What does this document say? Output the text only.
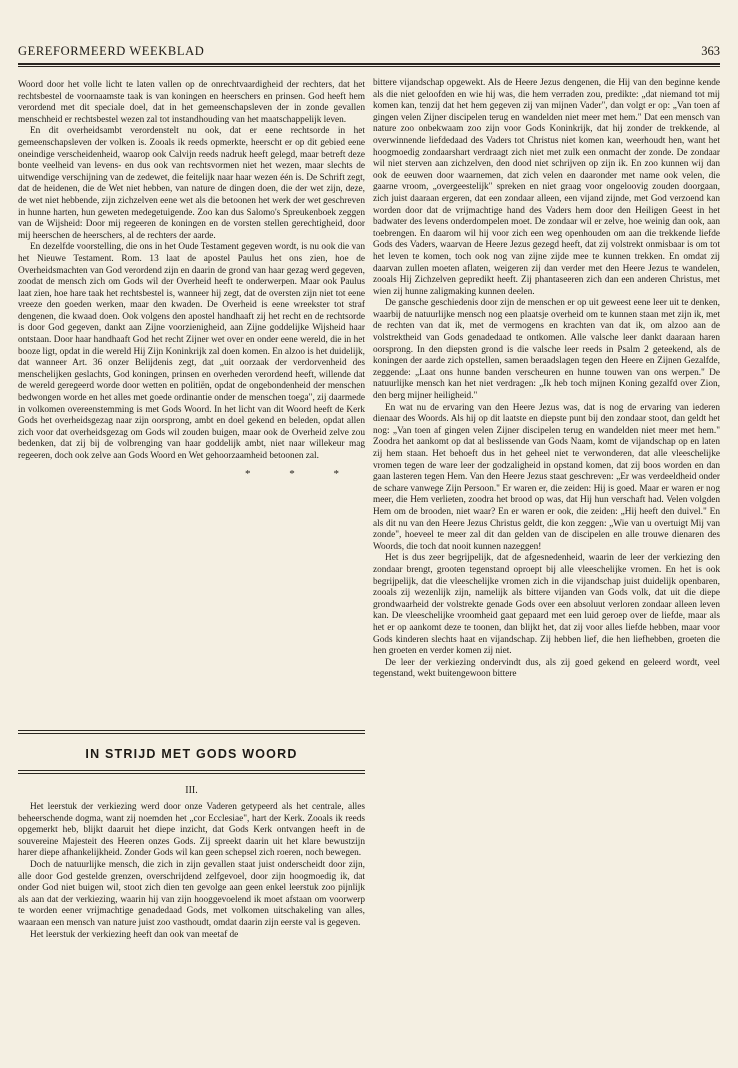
GEREFORMEERD WEEKBLAD	363

Woord door het volle licht te laten vallen op de onrechtvaardigheid der rechters, dat het rechtsbestel de voornaamste taak is van koningen en heerschers en prinsen. God heeft hem verordend met dit speciale doel, dat in het gemeenschapsleven der in zonde gevallen menschheid er rechtsbestel wezen zal tot instandhouding van het maatschappelijk leven.

En dit overheidsambt verordenstelt nu ook, dat er eene rechtsorde in het gemeenschapsleven der volken is. Zooals ik reeds opmerkte, heerscht er op dit gebied eene oneindige verscheidenheid, waarop ook Calvijn reeds nadruk heeft gelegd, maar betreft deze bonte veelheid van levens- en dus ook van rechtsvormen niet het wezen, maar slechts de uitwendige verschijning van de zedewet, die feitelijk naar haar wezen één is. De Schrift zegt, dat de heidenen, die de Wet niet hebben, van nature de dingen doen, die der wet zijn, deze, de wet niet hebbende, zijn zichzelven eene wet als die betoonen het werk der wet geschreven in hunne harten, hun geweten medegetuigende. Zoo kan dus Salomo's Spreukenboek zeggen van de Wijsheid: Door mij regeeren de koningen en de vorsten stellen gerechtigheid, door mij heerschen de heerschers, al de rechters der aarde.

En dezelfde voorstelling, die ons in het Oude Testament gegeven wordt, is nu ook die van het Nieuwe Testament. Rom. 13 laat de apostel Paulus het ons zien, hoe de Overheidsmachten van God verordend zijn en daarin de grond van haar gezag werd gegeven, zoodat de mensch zich om Gods wil der Overheid heeft te onderwerpen. Maar ook Paulus laat zien, hoe hare taak het rechtsbestel is, wanneer hij zegt, dat de oversten zijn niet tot eene vreeze den goeden werken, maar den kwaden. De Overheid is eene wreekster tot straf dengenen, die kwaad doen. Ook volgens den apostel handhaaft zij het recht en de rechtsorde is door God gegeven, dankt aan Zijne voorzienigheid, aan Zijne goddelijke Wijsheid haar ontstaan. Door haar handhaaft God het recht Zijner wet over en onder eene wereld, die in het booze ligt, opdat in die wereld Hij Zijn Koninkrijk zal doen komen. En alzoo is het duidelijk, dat wanneer Art. 36 onzer Belijdenis zegt, dat „uit oorzaak der verdorvenheid des menschelijken geslachts, God koningen, prinsen en overheden verordend heeft, willende dat de wereld geregeerd worde door wetten en politiën, opdat de ongebondenheid der menschen bedwongen worde en het alles met goede ordinantie onder de menschen toega", zij daarmede in volkomen overeenstemming is met Gods Woord. In het licht van dit Woord heeft de Kerk Gods het overheidsgezag naar zijn oorsprong, ambt en doel gekend en beleden, opdat allen zich voor dat overheidsgezag om Gods wil zouden buigen, maar ook de Overheid zelve zou bedenken, dat zij bij de volbrenging van haar goddelijk ambt, niet naar willekeur mag regeeren, doch ook zelve aan Gods Woord en Wet gehoorzaamheid betoonen zal.

* * *
IN STRIJD MET GODS WOORD
III.

Het leerstuk der verkiezing werd door onze Vaderen getypeerd als het centrale, alles beheerschende dogma, want zij noemden het „cor Ecclesiae", hart der Kerk. Zooals ik reeds opgemerkt heb, blijkt daaruit het diepe inzicht, dat Gods Kerk ontvangen heeft in de souvereine Majesteit des Heeren onzes Gods. Zij spreekt daarin uit het klare bewustzijn harer diepe afhankelijkheid. Zonder Gods wil kan geen schepsel zich roeren, noch bewegen.

Doch de natuurlijke mensch, die zich in zijn gevallen staat juist onderscheidt door zijn, alle door God gestelde grenzen, overschrijdend zelfgevoel, door zijn hoogmoedig ik, dat onder God niet buigen wil, stoot zich dien ten gevolge aan geen enkel leerstuk zoo pijnlijk als aan dat der verkiezing, waarin hij van zijn hooggevoelend ik moet afstaan om voorwerp te worden eener vrijmachtige genadedaad Gods, met volkomen uitschakeling van alles, waaraan een mensch van nature juist zoo vasthoudt, omdat daarin zijn eerste val is gegeven.

Het leerstuk der verkiezing heeft dan ook van meetaf de

bittere vijandschap opgewekt. Als de Heere Jezus dengenen, die Hij van den beginne kende als die niet geloofden en wie hij was, die hem verraden zou, predikte: „dat niemand tot mij komen kan, tenzij dat het hem gegeven zij van mijnen Vader", dan volgt er op: „Van toen af gingen velen Zijner discipelen terug en wandelden niet meer met hem." Dat een mensch van nature zoo onbekwaam zoo zijn voor Gods Koninkrijk, dat hij zonder de trekkende, al overwinnende liefdedaad des Vaders tot Christus niet komen kan, weerhoudt hen, want het hoogmoedig zondaarshart verdraagt zich niet met zulk een onmacht der zonde. De zondaar wil niet sterven aan zichzelven, den dood niet schrijven op zijn ik. En zoo kunnen wij dan ook de eeuwen door waarnemen, dat zich velen en daaronder met name ook velen, die gaarne vroom, „overgeestelijk" spreken en niet graag voor ongeloovig zouden doorgaan, zich juist daaraan ergeren, dat een zondaar alleen, een vijand zijnde, met God verzoend kan worden door dat de vrijmachtige hand des Vaders hem door den Heiligen Geest in het badwater des levens onderdompelen moet. De zondaar wil er zelve, hoe weinig dan ook, aan toebrengen. En daarom wil hij voor zich een weg openhouden om aan die trekkende liefde Gods des Vaders, waarvan de Heere Jezus gezegd heeft, dat zij volstrekt onmisbaar is om tot het leven te komen, toch ook nog van zijne zijde mee te kunnen trekken. En omdat zij daarvan zullen moeten aflaten, weigeren zij dan verder met den Heere Jezus te wandelen, zooals Hij Zichzelven gepredikt heeft. Zij phantaseeren zich dan een anderen Christus, met wien zij hunne zaligmaking kunnen deelen.

De gansche geschiedenis door zijn de menschen er op uit geweest eene leer uit te denken, waarbij de natuurlijke mensch nog een plaatsje overheid om te kunnen staan met zijn ik, met de rechten van dat ik, met de vermogens en krachten van dat ik, om alzoo aan de volstrektheid van Gods genadedaad te ontkomen. Alle valsche leer dankt daaraan haren oorsprong. In den diepsten grond is die valsche leer reeds in Psalm 2 geteekend, als de koningen der aarde zich opstellen, samen beraadslagen tegen den Heere en Zijnen Gezalfde, zeggende: „Laat ons hunne banden verscheuren en hunne touwen van ons werpen." De natuurlijke mensch kan het niet verdragen: „Ik heb toch mijnen Koning gezalfd over Zion, den berg mijner heiligheid."

En wat nu de ervaring van den Heere Jezus was, dat is nog de ervaring van iederen dienaar des Woords. Als hij op dit laatste en diepste punt bij den zondaar stoot, dan geldt het nog: „Van toen af gingen velen Zijner discipelen terug en wandelden niet meer met hem." Zoodra het aankomt op dat al beslissende van Gods Naam, komt de vijandschap op en laten zij hem staan. Het behoeft dus in het geheel niet te verwonderen, dat alle vleeschelijke vromen tegen de ware leer der godzaligheid in opstand komen, dat zij boos worden en dan gaan lasteren tegen Hem. Van den Heere Jezus staat geschreven: „Er was verdeeldheid onder de schare vanwege Zijn Persoon." Er waren er, die zeiden: Hij is goed. Maar er waren er nog meer, die Hem verlieten, zoodra het brood op was, dat Hij hun verschaft had. Velen volgden Hem om de brooden, niet waar? En er waren er ook, die zeiden: „Hij heeft den duivel." En als dit nu van den Heere Jezus Christus geldt, die kon zeggen: „Wie van u overtuigt Mij van zonde", hoeveel te meer zal dit dan gelden van de discipelen en alle trouwe dienaren des Woords, die toch dat nooit kunnen nazeggen!

Het is dus zeer begrijpelijk, dat de afgesnedenheid, waarin de leer der verkiezing den zondaar brengt, grooten tegenstand oproept bij alle vleeschelijke vromen. En het is ook begrijpelijk, dat die vleeschelijke vromen zich in die vijandschap juist duidelijk openbaren, zooals zij wezenlijk zijn, namelijk als bittere vijanden van Gods volk, dat uit die diepe grondwaarheid der volstrekte genade Gods over een absoluut verloren zondaar alleen leven kan. De vleeschelijke vroomheid gaat gepaard met een luid geroep over de liefde, maar als het er op aankomt deze te toonen, dan blijkt het, dat zij voor alles liefde hebben, maar voor Gods kinderen slechts haat en vijandschap. Zij hebben lief, die hen liefhebben, groeten die hen groeten en verder komen zij niet.

De leer der verkiezing ondervindt dus, als zij goed gekend en geleerd wordt, veel tegenstand, wekt buitengewoon bittere
